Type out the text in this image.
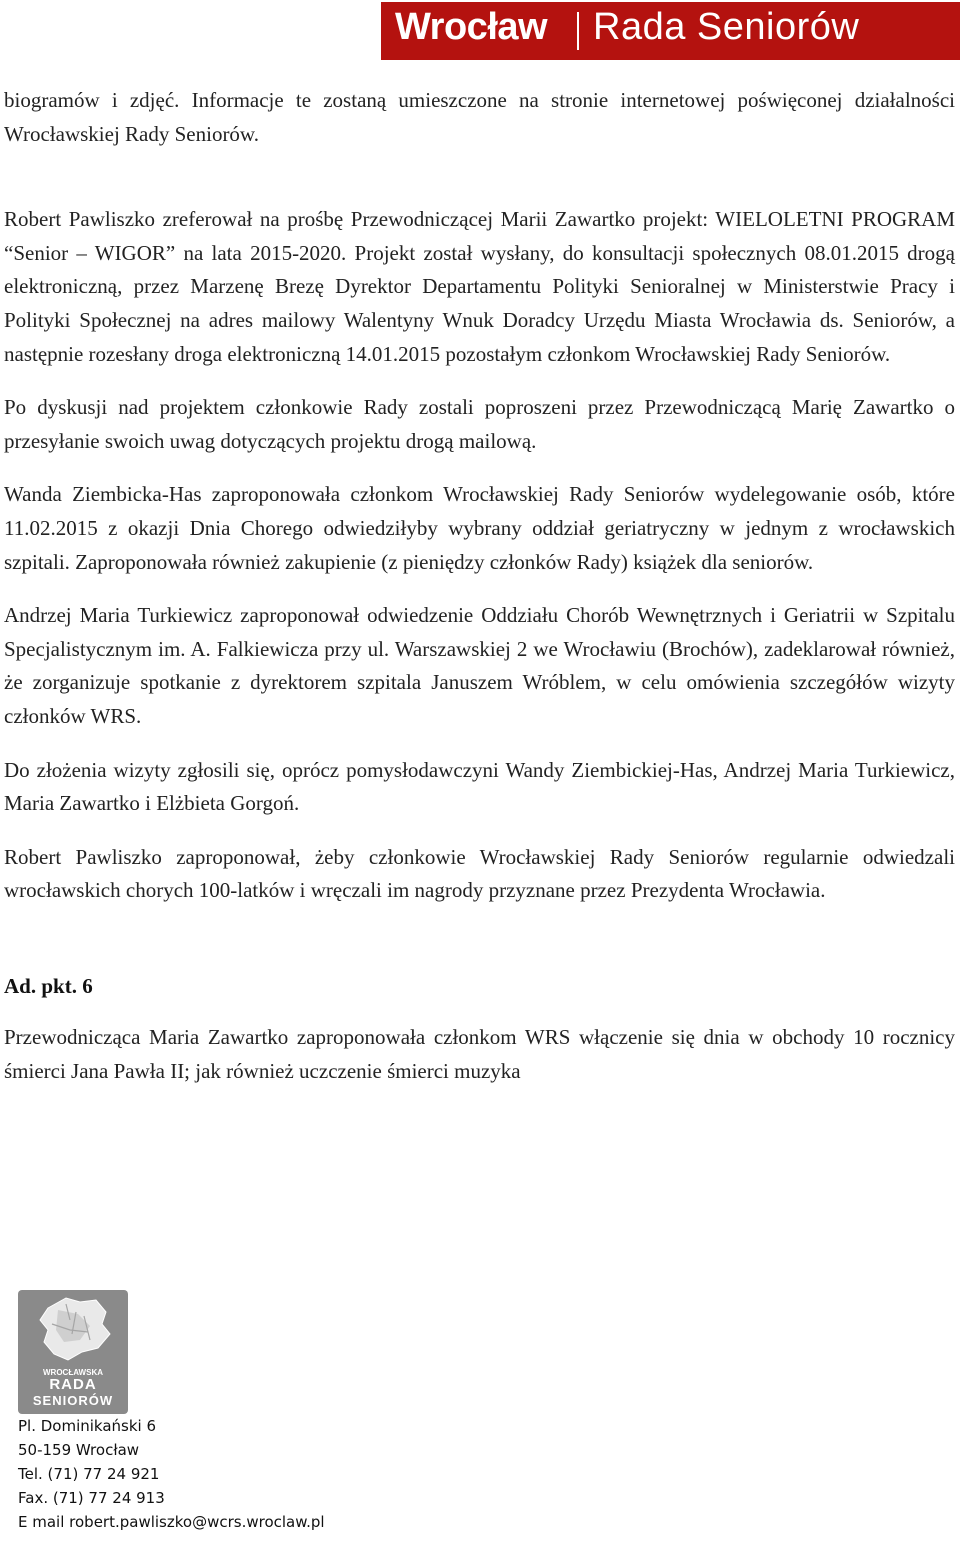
Wrocław Rada Seniorów

biogramów i zdjęć. Informacje te zostaną umieszczone na stronie internetowej poświęconej działalności Wrocławskiej Rady Seniorów.

Robert Pawliszko zreferował na prośbę Przewodniczącej Marii Zawartko projekt: WIELOLETNI PROGRAM “Senior – WIGOR” na lata 2015-2020. Projekt został wysłany, do konsultacji społecznych 08.01.2015 drogą elektroniczną, przez Marzenę Brezę Dyrektor Departamentu Polityki Senioralnej w Ministerstwie Pracy i Polityki Społecznej na adres mailowy Walentyny Wnuk Doradcy Urzędu Miasta Wrocławia ds. Seniorów, a następnie rozesłany droga elektroniczną 14.01.2015 pozostałym członkom Wrocławskiej Rady Seniorów.

Po dyskusji nad projektem członkowie Rady zostali poproszeni przez Przewodniczącą Marię Zawartko o przesyłanie swoich uwag dotyczących projektu drogą mailową.

Wanda Ziembicka-Has zaproponowała członkom Wrocławskiej Rady Seniorów wydelegowanie osób, które 11.02.2015 z okazji Dnia Chorego odwiedziłyby wybrany oddział geriatryczny w jednym z wrocławskich szpitali. Zaproponowała również zakupienie (z pieniędzy członków Rady) książek dla seniorów.

Andrzej Maria Turkiewicz zaproponował odwiedzenie Oddziału Chorób Wewnętrznych i Geriatrii w Szpitalu Specjalistycznym im. A. Falkiewicza przy ul. Warszawskiej 2 we Wrocławiu (Brochów), zadeklarował również, że zorganizuje spotkanie z dyrektorem szpitala Januszem Wróblem, w celu omówienia szczegółów wizyty członków WRS.

Do złożenia wizyty zgłosili się, oprócz pomysłodawczyni Wandy Ziembickiej-Has, Andrzej Maria Turkiewicz, Maria Zawartko i Elżbieta Gorgoń.

Robert Pawliszko zaproponował, żeby członkowie Wrocławskiej Rady Seniorów regularnie odwiedzali wrocławskich chorych 100-latków i wręczali im nagrody przyznane przez Prezydenta Wrocławia.

Ad. pkt. 6

Przewodnicząca Maria Zawartko zaproponowała członkom WRS włączenie się dnia w obchody 10 rocznicy śmierci Jana Pawła II; jak również uczczenie śmierci muzyka

WROCŁAWSKA
RADA
SENIORÓW
Pl. Dominikański 6
50-159 Wrocław
Tel. (71) 77 24 921
Fax. (71) 77 24 913
E mail robert.pawliszko@wcrs.wroclaw.pl
